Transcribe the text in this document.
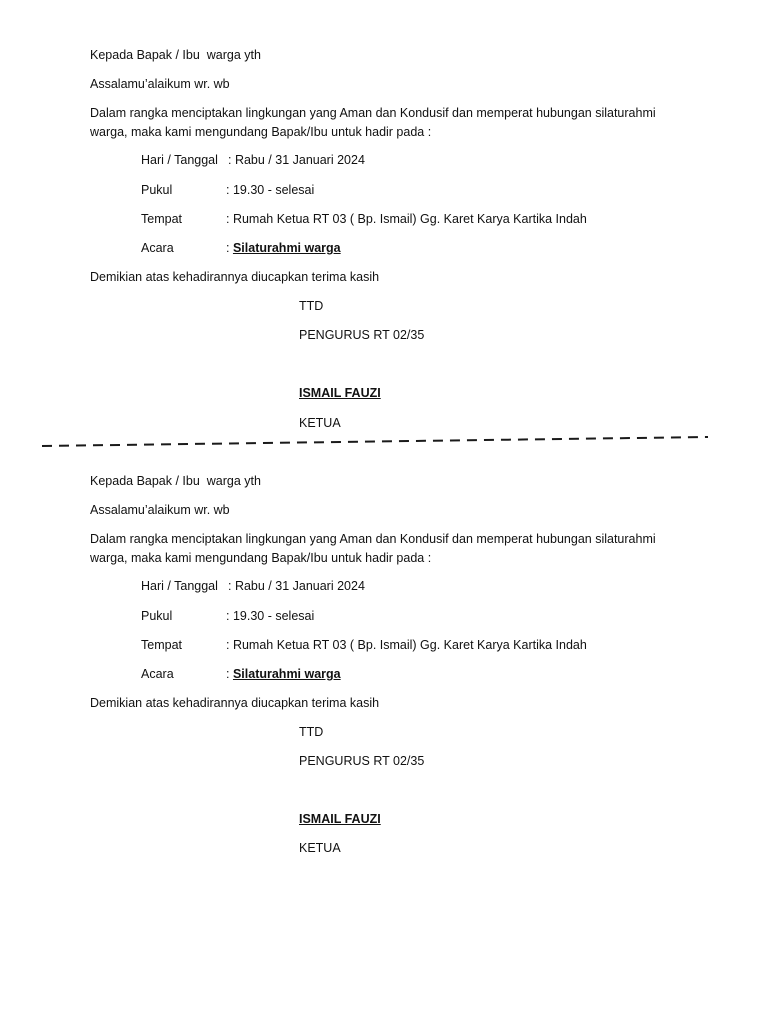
Kepada Bapak / Ibu  warga yth
Assalamu’alaikum wr. wb
Dalam rangka menciptakan lingkungan yang Aman dan Kondusif dan memperat hubungan silaturahmi
warga, maka kami mengundang Bapak/Ibu untuk hadir pada :
Hari / Tanggal : Rabu / 31 Januari 2024
Pukul	: 19.30 - selesai
Tempat	: Rumah Ketua RT 03 ( Bp. Ismail) Gg. Karet Karya Kartika Indah
Acara	: Silaturahmi warga
Demikian atas kehadirannya diucapkan terima kasih
TTD
PENGURUS RT 02/35
ISMAIL FAUZI
KETUA
Kepada Bapak / Ibu  warga yth
Assalamu’alaikum wr. wb
Dalam rangka menciptakan lingkungan yang Aman dan Kondusif dan memperat hubungan silaturahmi
warga, maka kami mengundang Bapak/Ibu untuk hadir pada :
Hari / Tanggal : Rabu / 31 Januari 2024
Pukul	: 19.30 - selesai
Tempat	: Rumah Ketua RT 03 ( Bp. Ismail) Gg. Karet Karya Kartika Indah
Acara	: Silaturahmi warga
Demikian atas kehadirannya diucapkan terima kasih
TTD
PENGURUS RT 02/35
ISMAIL FAUZI
KETUA
